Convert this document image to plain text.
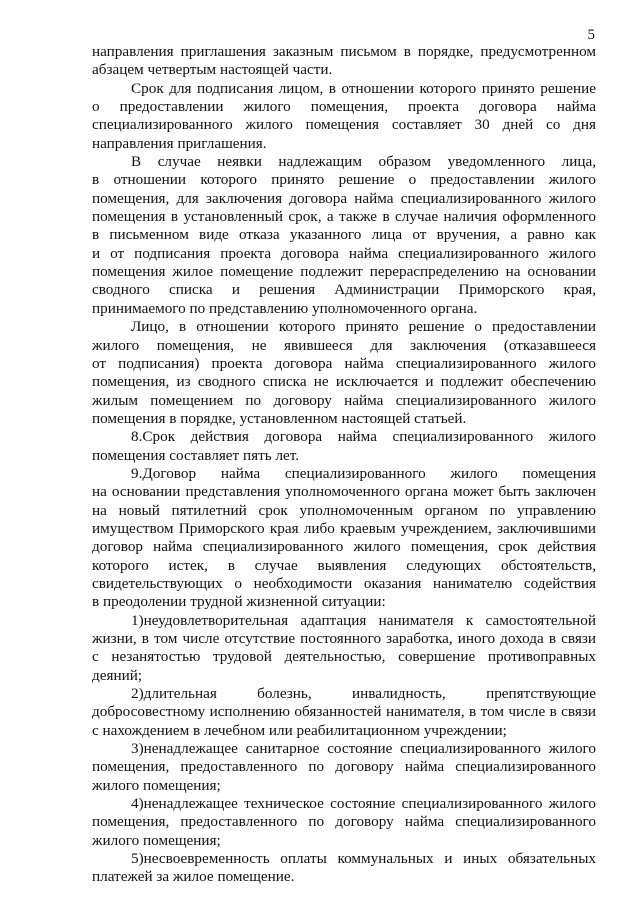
5
направления приглашения заказным письмом в порядке, предусмотренном
абзацем четвертым настоящей части.
Срок для подписания лицом, в отношении которого принято решение
о предоставлении жилого помещения, проекта договора найма
специализированного жилого помещения составляет 30 дней со дня
направления приглашения.
В случае неявки надлежащим образом уведомленного лица,
в отношении которого принято решение о предоставлении жилого
помещения, для заключения договора найма специализированного жилого
помещения в установленный срок, а также в случае наличия оформленного
в письменном виде отказа указанного лица от вручения, а равно как
и от подписания проекта договора найма специализированного жилого
помещения жилое помещение подлежит перераспределению на основании
сводного списка и решения Администрации Приморского края,
принимаемого по представлению уполномоченного органа.
Лицо, в отношении которого принято решение о предоставлении
жилого помещения, не явившееся для заключения (отказавшееся
от подписания) проекта договора найма специализированного жилого
помещения, из сводного списка не исключается и подлежит обеспечению
жилым помещением по договору найма специализированного жилого
помещения в порядке, установленном настоящей статьей.
8.Срок действия договора найма специализированного жилого
помещения составляет пять лет.
9.Договор найма специализированного жилого помещения
на основании представления уполномоченного органа может быть заключен
на новый пятилетний срок уполномоченным органом по управлению
имуществом Приморского края либо краевым учреждением, заключившими
договор найма специализированного жилого помещения, срок действия
которого истек, в случае выявления следующих обстоятельств,
свидетельствующих о необходимости оказания нанимателю содействия
в преодолении трудной жизненной ситуации:
1)неудовлетворительная адаптация нанимателя к самостоятельной
жизни, в том числе отсутствие постоянного заработка, иного дохода в связи
с незанятостью трудовой деятельностью, совершение противоправных
деяний;
2)длительная болезнь, инвалидность, препятствующие
добросовестному исполнению обязанностей нанимателя, в том числе в связи
с нахождением в лечебном или реабилитационном учреждении;
3)ненадлежащее санитарное состояние специализированного жилого
помещения, предоставленного по договору найма специализированного
жилого помещения;
4)ненадлежащее техническое состояние специализированного жилого
помещения, предоставленного по договору найма специализированного
жилого помещения;
5)несвоевременность оплаты коммунальных и иных обязательных
платежей за жилое помещение.
